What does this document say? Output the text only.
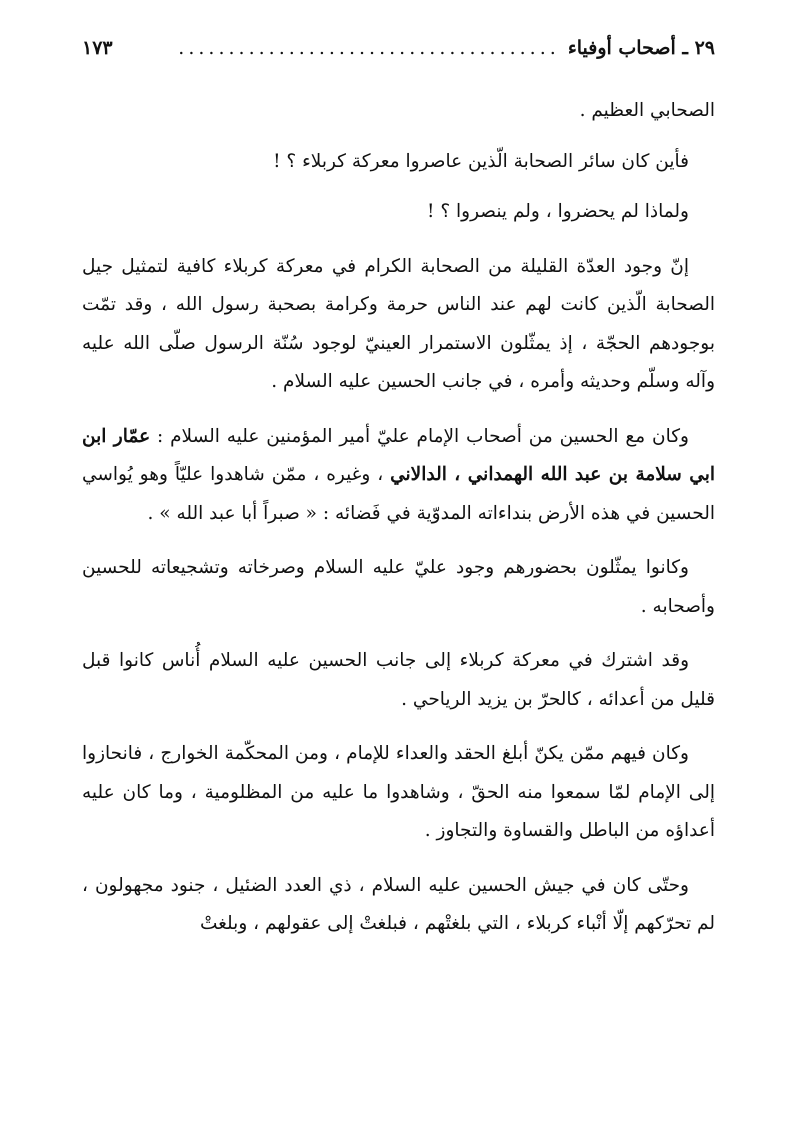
٢٩ ـ أصحاب أوفياء
......................................
١٧٣

الصحابي العظيم .

فأين كان سائر الصحابة الّذين عاصروا معركة كربلاء ؟ !

ولماذا لم يحضروا ، ولم ينصروا ؟ !

إنّ وجود العدّة القليلة من الصحابة الكرام في معركة كربلاء كافية لتمثيل جيل الصحابة الّذين كانت لهم عند الناس حرمة وكرامة بصحبة رسول الله ، وقد تمّت بوجودهم الحجّة ، إذ يمثّلون الاستمرار العينيّ لوجود سُنّة الرسول صلّى الله عليه وآله وسلّم وحديثه وأمره ، في جانب الحسين عليه السلام .

وكان مع الحسين من أصحاب الإمام عليّ أمير المؤمنين عليه السلام : عمّار ابن ابي سلامة بن عبد الله الهمداني ، الدالاني ، وغيره ، ممّن شاهدوا عليّاً وهو يُواسي الحسين في هذه الأرض بنداءاته المدوّية في فَضائه : « صبراً أبا عبد الله » .

وكانوا يمثّلون بحضورهم وجود عليّ عليه السلام وصرخاته وتشجيعاته للحسين وأصحابه .

وقد اشترك في معركة كربلاء إلى جانب الحسين عليه السلام أُناس كانوا قبل قليل من أعدائه ، كالحرّ بن يزيد الرياحي .

وكان فيهم ممّن يكنّ أبلغ الحقد والعداء للإمام ، ومن المحكّمة الخوارج ، فانحازوا إلى الإمام لمّا سمعوا منه الحقّ ، وشاهدوا ما عليه من المظلومية ، وما كان عليه أعداؤه من الباطل والقساوة والتجاوز .

وحتّى كان في جيش الحسين عليه السلام ، ذي العدد الضئيل ، جنود مجهولون ، لم تحرّكهم إلّا أنْباء كربلاء ، التي بلغتْهم ، فبلغتْ إلى عقولهم ، وبلغتْ
